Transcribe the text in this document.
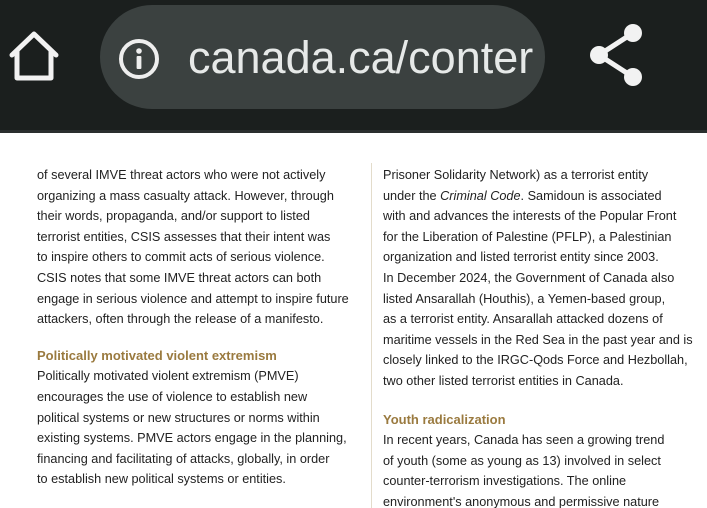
canada.ca/conter
of several IMVE threat actors who were not actively
organizing a mass casualty attack. However, through
their words, propaganda, and/or support to listed
terrorist entities, CSIS assesses that their intent was
to inspire others to commit acts of serious violence.
CSIS notes that some IMVE threat actors can both
engage in serious violence and attempt to inspire future
attackers, often through the release of a manifesto.
Politically motivated violent extremism
Politically motivated violent extremism (PMVE)
encourages the use of violence to establish new
political systems or new structures or norms within
existing systems. PMVE actors engage in the planning,
financing and facilitating of attacks, globally, in order
to establish new political systems or entities.
Prisoner Solidarity Network) as a terrorist entity
under the Criminal Code. Samidoun is associated
with and advances the interests of the Popular Front
for the Liberation of Palestine (PFLP), a Palestinian
organization and listed terrorist entity since 2003.
In December 2024, the Government of Canada also
listed Ansarallah (Houthis), a Yemen-based group,
as a terrorist entity. Ansarallah attacked dozens of
maritime vessels in the Red Sea in the past year and is
closely linked to the IRGC-Qods Force and Hezbollah,
two other listed terrorist entities in Canada.
Youth radicalization
In recent years, Canada has seen a growing trend
of youth (some as young as 13) involved in select
counter-terrorism investigations. The online
environment's anonymous and permissive nature
